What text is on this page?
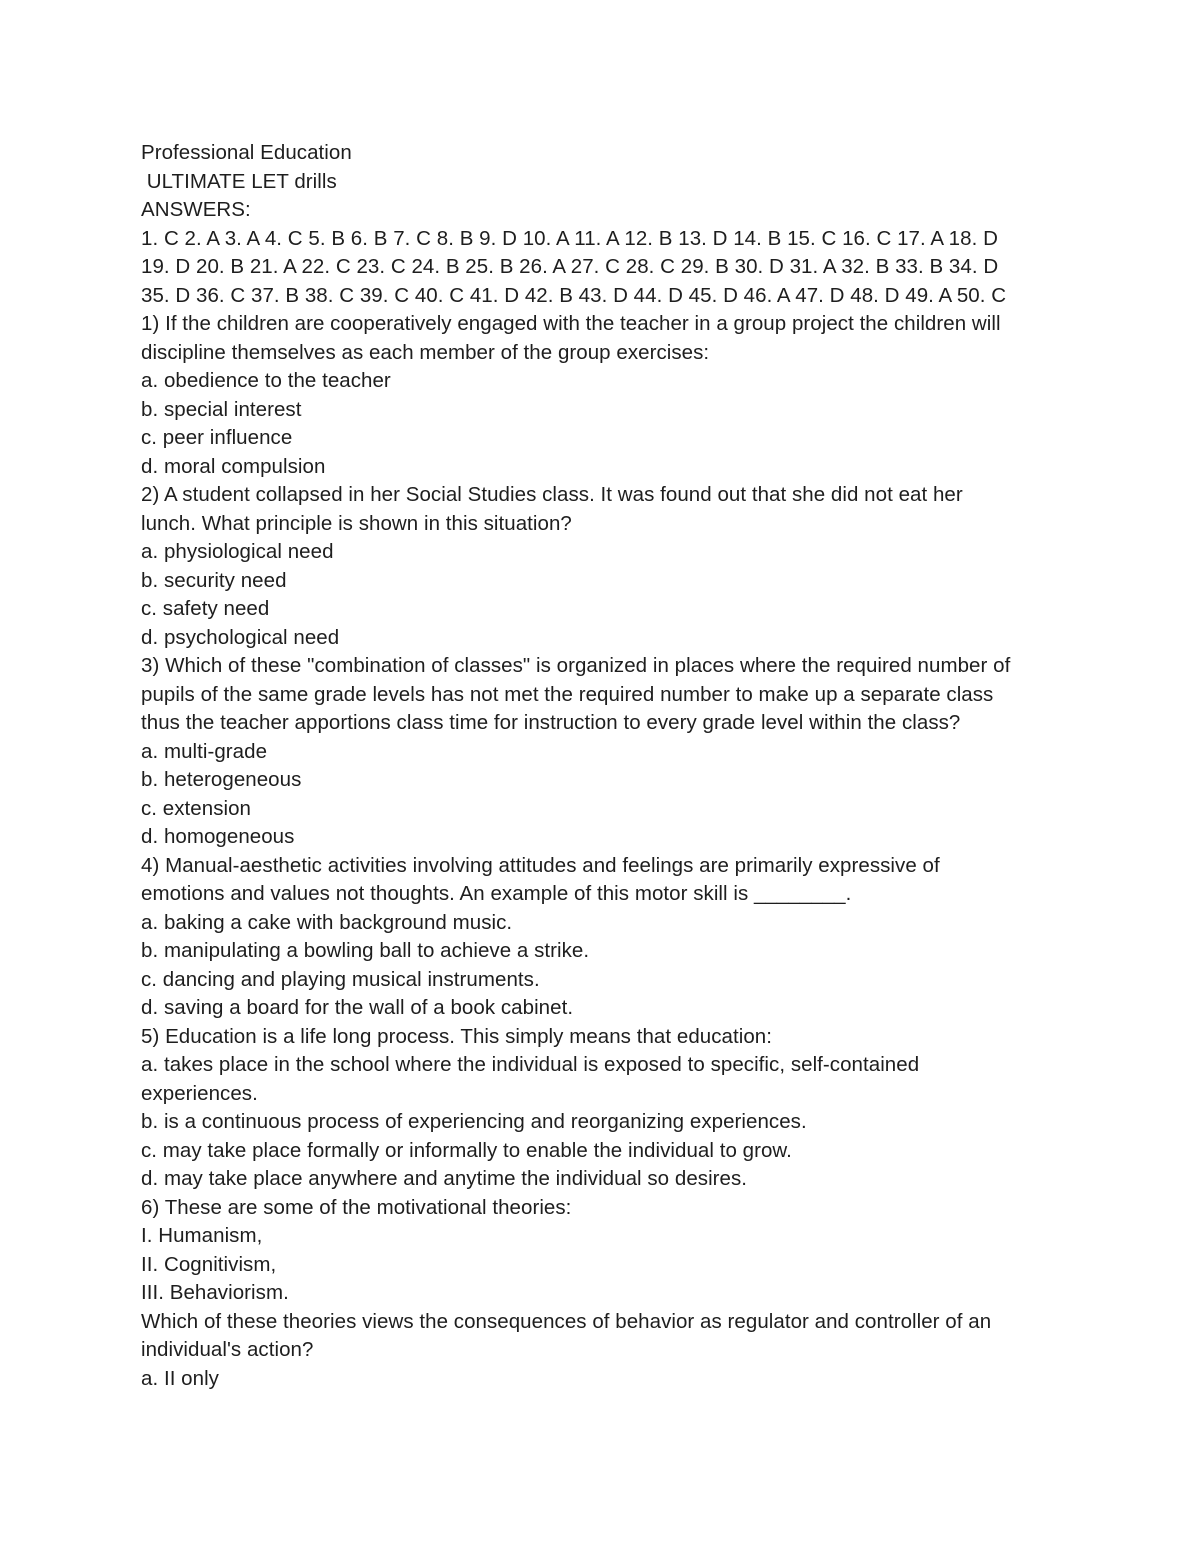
Professional Education
ULTIMATE LET drills
ANSWERS:
1. C 2. A 3. A 4. C 5. B 6. B 7. C 8. B 9. D 10. A 11. A 12. B 13. D 14. B 15. C 16. C 17. A 18. D
19. D 20. B 21. A 22. C 23. C 24. B 25. B 26. A 27. C 28. C 29. B 30. D 31. A 32. B 33. B 34. D
35. D 36. C 37. B 38. C 39. C 40. C 41. D 42. B 43. D 44. D 45. D 46. A 47. D 48. D 49. A 50. C
1) If the children are cooperatively engaged with the teacher in a group project the children will
discipline themselves as each member of the group exercises:
a. obedience to the teacher
b. special interest
c. peer influence
d. moral compulsion
2) A student collapsed in her Social Studies class. It was found out that she did not eat her
lunch. What principle is shown in this situation?
a. physiological need
b. security need
c. safety need
d. psychological need
3) Which of these "combination of classes" is organized in places where the required number of
pupils of the same grade levels has not met the required number to make up a separate class
thus the teacher apportions class time for instruction to every grade level within the class?
a. multi-grade
b. heterogeneous
c. extension
d. homogeneous
4) Manual-aesthetic activities involving attitudes and feelings are primarily expressive of
emotions and values not thoughts. An example of this motor skill is ________.
a. baking a cake with background music.
b. manipulating a bowling ball to achieve a strike.
c. dancing and playing musical instruments.
d. saving a board for the wall of a book cabinet.
5) Education is a life long process. This simply means that education:
a. takes place in the school where the individual is exposed to specific, self-contained
experiences.
b. is a continuous process of experiencing and reorganizing experiences.
c. may take place formally or informally to enable the individual to grow.
d. may take place anywhere and anytime the individual so desires.
6) These are some of the motivational theories:
I. Humanism,
II. Cognitivism,
III. Behaviorism.
Which of these theories views the consequences of behavior as regulator and controller of an
individual's action?
a. II only
